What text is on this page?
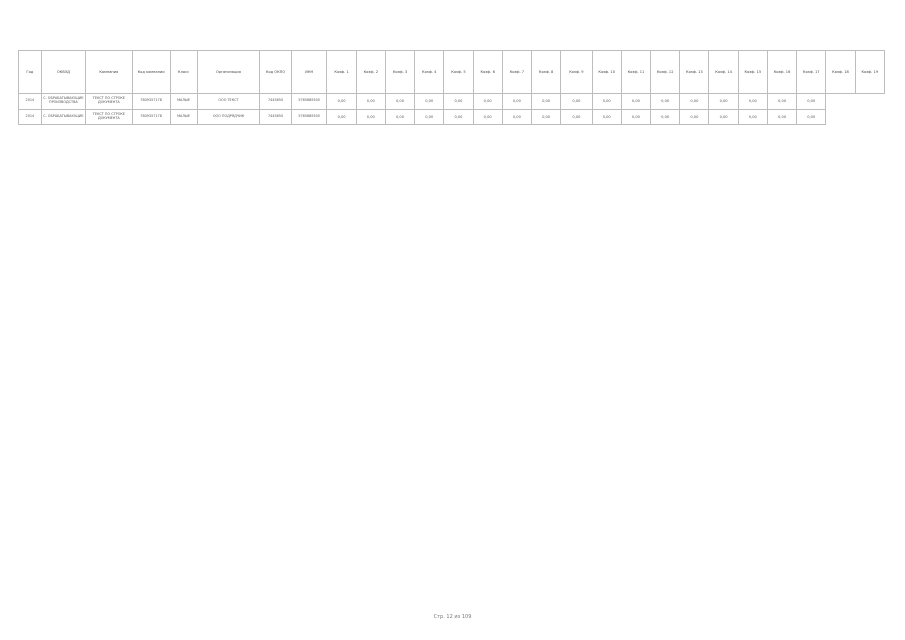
Год	ОКВЭД	Компания	Код компании	Класс	Организация	Код ОКПО	ИНН	Коэф. 1	Коэф. 2	Коэф. 3	Коэф. 4	Коэф. 5	Коэф. 6	Коэф. 7	Коэф. 8	Коэф. 9	Коэф. 10	Коэф. 11	Коэф. 12	Коэф. 13	Коэф. 14	Коэф. 15	Коэф. 16	Коэф. 17	Коэф. 18	Коэф. 19
2014	С. ОБРАБАТЫВАЮЩИЕ ПРОИЗВОДСТВА	ТЕКСТ ПО СТРОКЕ ДОКУМЕНТА	7809357178	МАЛЫЕ	ООО ТЕКСТ	7445650	5765889305	0,00	0,00	0,00	0,00	0,00	0,00	0,00	0,00	0,00	0,00	0,00	0,00	0,00	0,00	0,00	0,00	0,00		
2014	С. ОБРАБАТЫВАЮЩИЕ	ТЕКСТ ПО СТРОКЕ ДОКУМЕНТА	7809357178	МАЛЫЕ	ООО ПОДРЯДЧИК	7445650	5765889305	0,00	0,00	0,00	0,00	0,00	0,00	0,00	0,00	0,00	0,00	0,00	0,00	0,00	0,00	0,00	0,00	0,00		
Стр. 12 из 109
